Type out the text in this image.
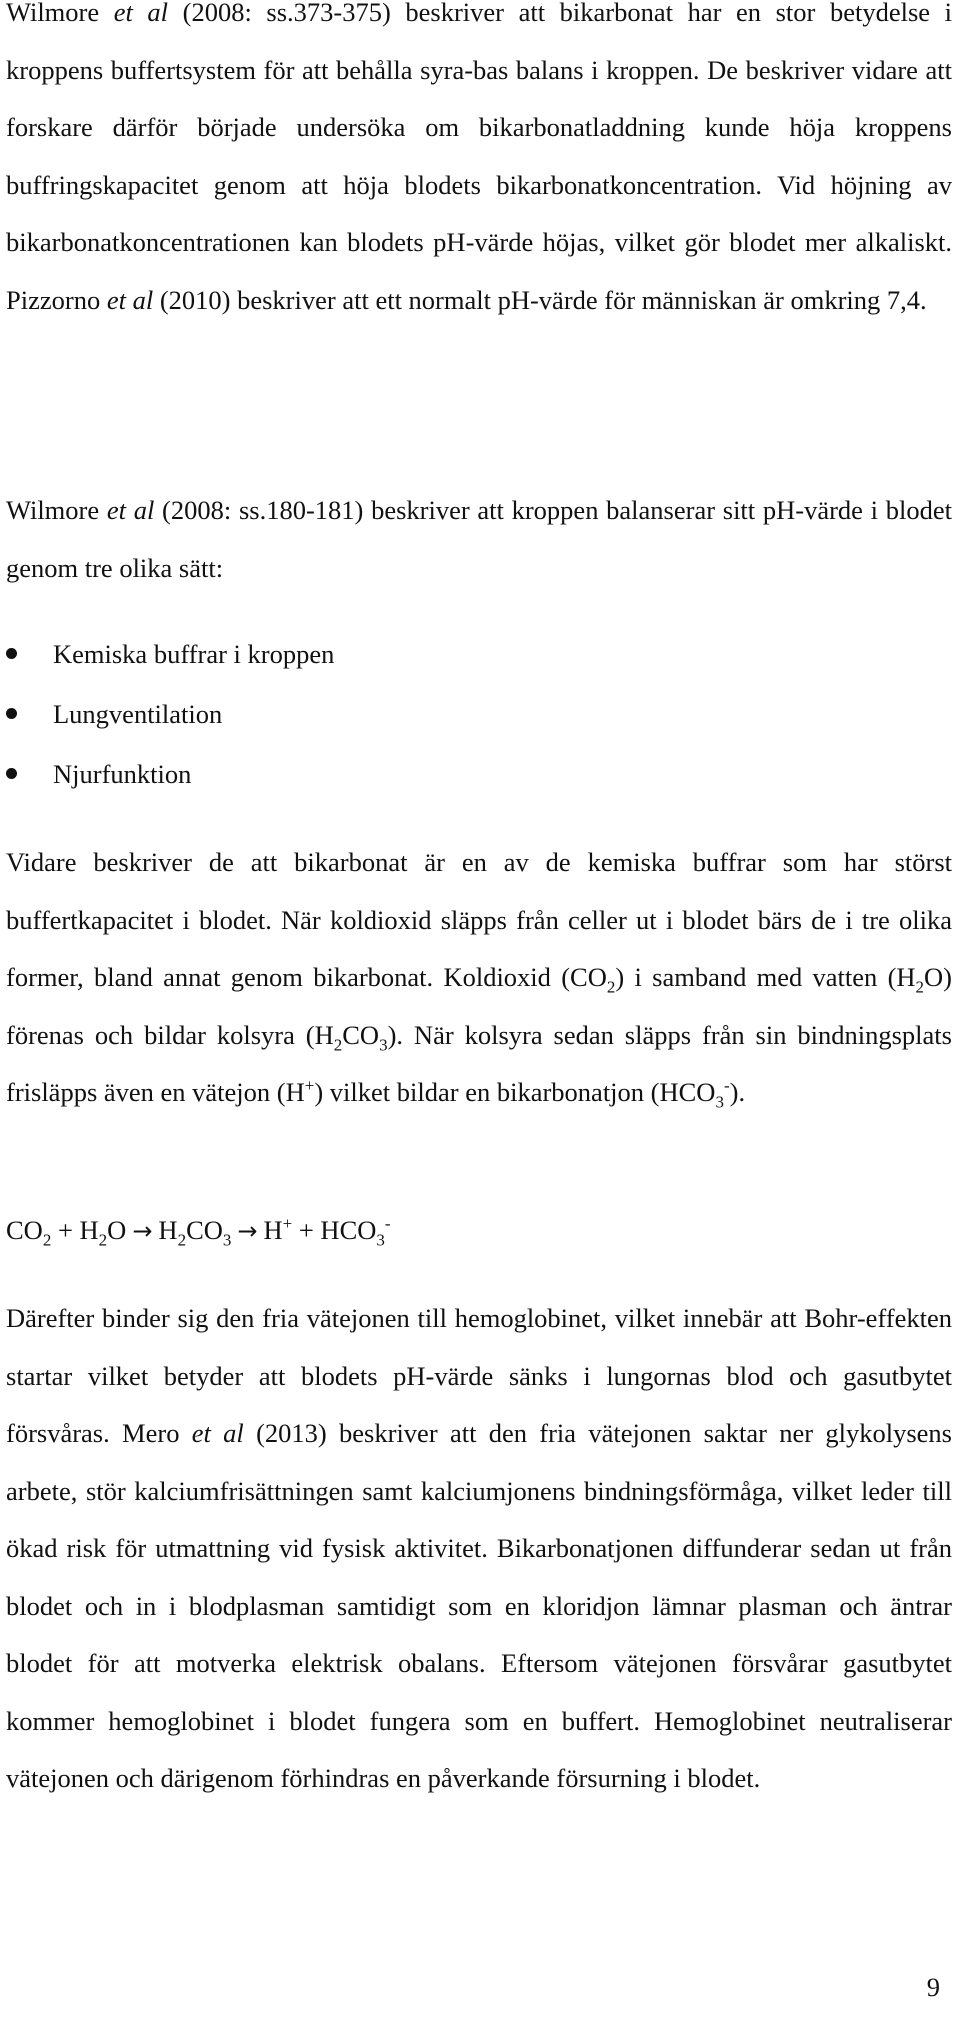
Wilmore et al (2008: ss.373-375) beskriver att bikarbonat har en stor betydelse i kroppens buffertsystem för att behålla syra-bas balans i kroppen. De beskriver vidare att forskare därför började undersöka om bikarbonatladdning kunde höja kroppens buffringskapacitet genom att höja blodets bikarbonatkoncentration. Vid höjning av bikarbonatkoncentrationen kan blodets pH-värde höjas, vilket gör blodet mer alkaliskt. Pizzorno et al (2010) beskriver att ett normalt pH-värde för människan är omkring 7,4.

Wilmore et al (2008: ss.180-181) beskriver att kroppen balanserar sitt pH-värde i blodet genom tre olika sätt:

Kemiska buffrar i kroppen
Lungventilation
Njurfunktion

Vidare beskriver de att bikarbonat är en av de kemiska buffrar som har störst buffertkapacitet i blodet. När koldioxid släpps från celler ut i blodet bärs de i tre olika former, bland annat genom bikarbonat. Koldioxid $(CO_2)$ i samband med vatten $(H_2O)$ förenas och bildar kolsyra $(H_2CO_3)$. När kolsyra sedan släpps från sin bindningsplats frisläpps även en vätejon (H+) vilket bildar en bikarbonatjon $(HCO_3^-)$.

$CO_2 + H_2O \to H_2CO_3 \to H^+ + HCO_3^-$

Därefter binder sig den fria vätejonen till hemoglobinet, vilket innebär att Bohr-effekten startar vilket betyder att blodets pH-värde sänks i lungornas blod och gasutbytet försvåras. Mero et al (2013) beskriver att den fria vätejonen saktar ner glykolysens arbete, stör kalciumfrisättningen samt kalciumjonens bindningsförmåga, vilket leder till ökad risk för utmattning vid fysisk aktivitet. Bikarbonatjonen diffunderar sedan ut från blodet och in i blodplasman samtidigt som en kloridjon lämnar plasman och äntrar blodet för att motverka elektrisk obalans. Eftersom vätejonen försvårar gasutbytet kommer hemoglobinet i blodet fungera som en buffert. Hemoglobinet neutraliserar vätejonen och därigenom förhindras en påverkande försurning i blodet.

9
